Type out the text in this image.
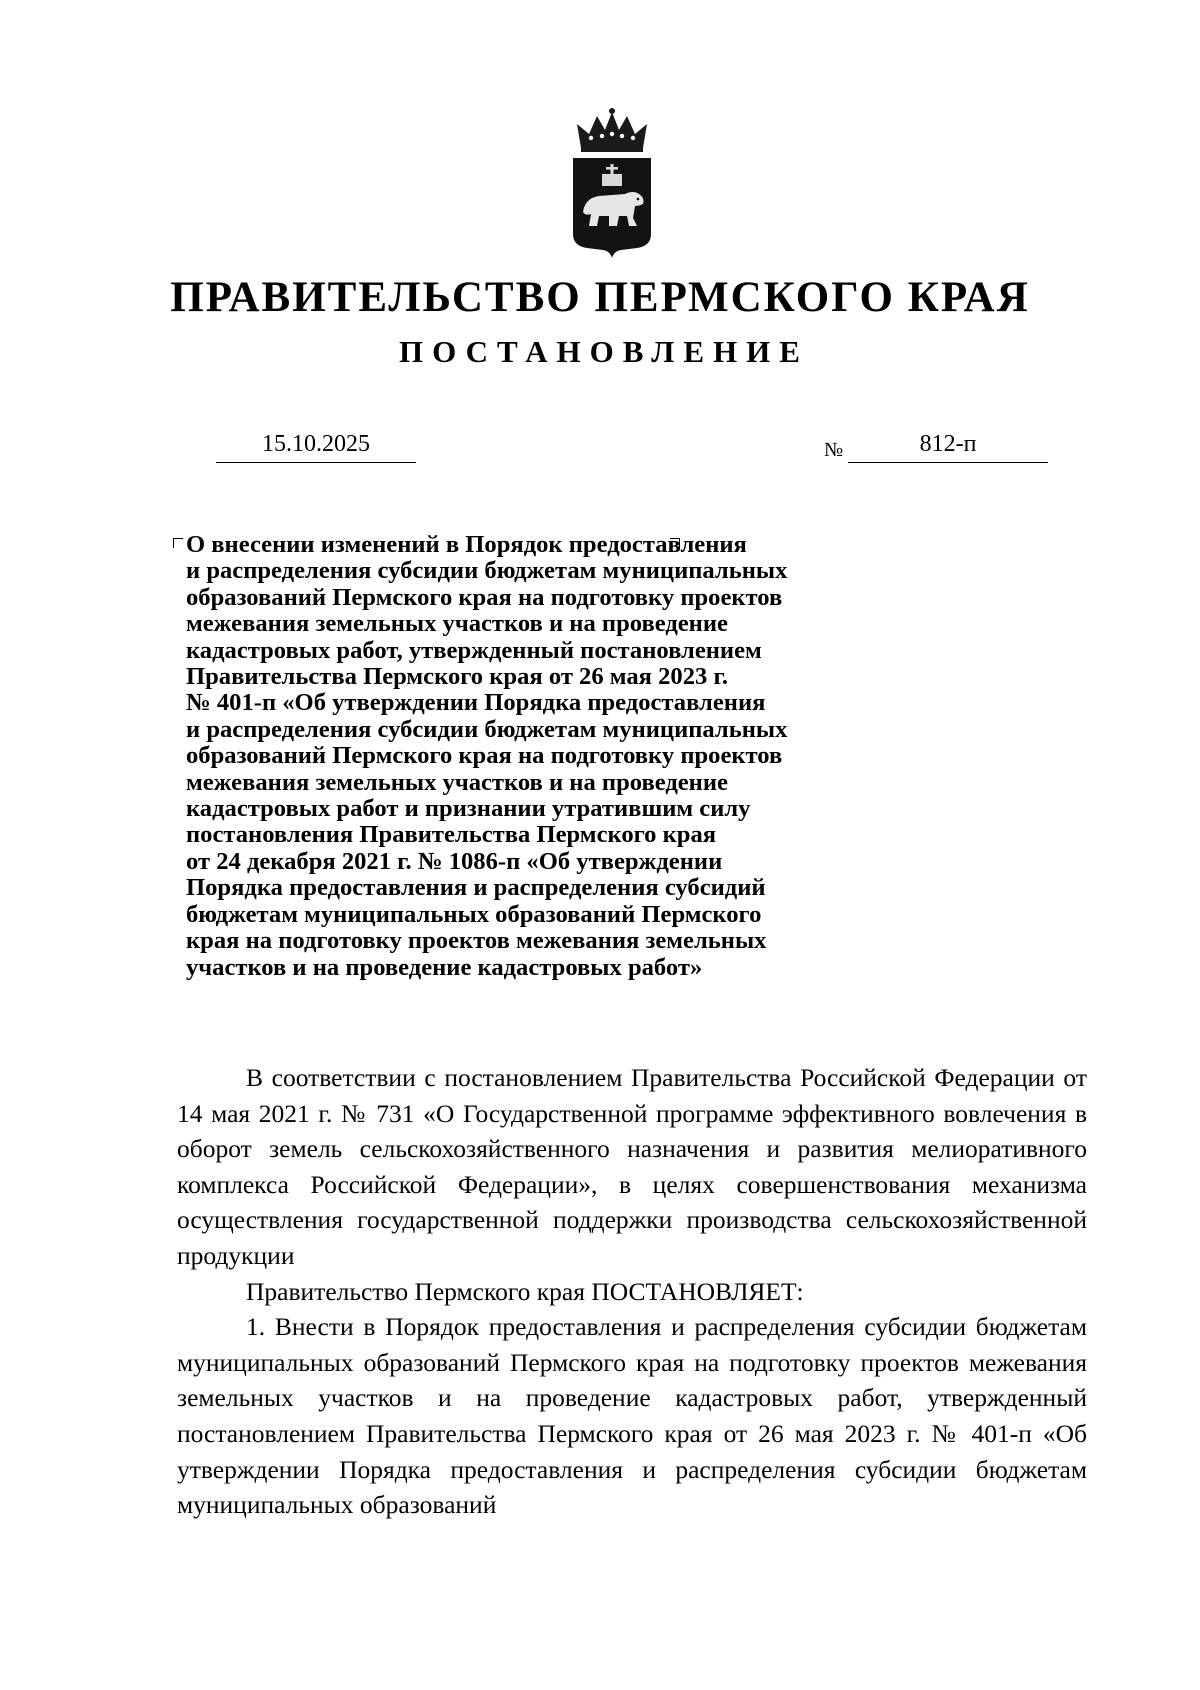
ПРАВИТЕЛЬСТВО ПЕРМСКОГО КРАЯ
ПОСТАНОВЛЕНИЕ
15.10.2025	№	812-п
О внесении изменений в Порядок предоставления
и распределения субсидии бюджетам муниципальных
образований Пермского края на подготовку проектов
межевания земельных участков и на проведение
кадастровых работ, утвержденный постановлением
Правительства Пермского края от 26 мая 2023 г.
№ 401-п «Об утверждении Порядка предоставления
и распределения субсидии бюджетам муниципальных
образований Пермского края на подготовку проектов
межевания земельных участков и на проведение
кадастровых работ и признании утратившим силу
постановления Правительства Пермского края
от 24 декабря 2021 г. № 1086-п «Об утверждении
Порядка предоставления и распределения субсидий
бюджетам муниципальных образований Пермского
края на подготовку проектов межевания земельных
участков и на проведение кадастровых работ»

В соответствии с постановлением Правительства Российской Федерации от 14 мая 2021 г. № 731 «О Государственной программе эффективного вовлечения в оборот земель сельскохозяйственного назначения и развития мелиоративного комплекса Российской Федерации», в целях совершенствования механизма осуществления государственной поддержки производства сельскохозяйственной продукции

Правительство Пермского края ПОСТАНОВЛЯЕТ:

1. Внести в Порядок предоставления и распределения субсидии бюджетам муниципальных образований Пермского края на подготовку проектов межевания земельных участков и на проведение кадастровых работ, утвержденный постановлением Правительства Пермского края от 26 мая 2023 г. № 401-п «Об утверждении Порядка предоставления и распределения субсидии бюджетам муниципальных образований
